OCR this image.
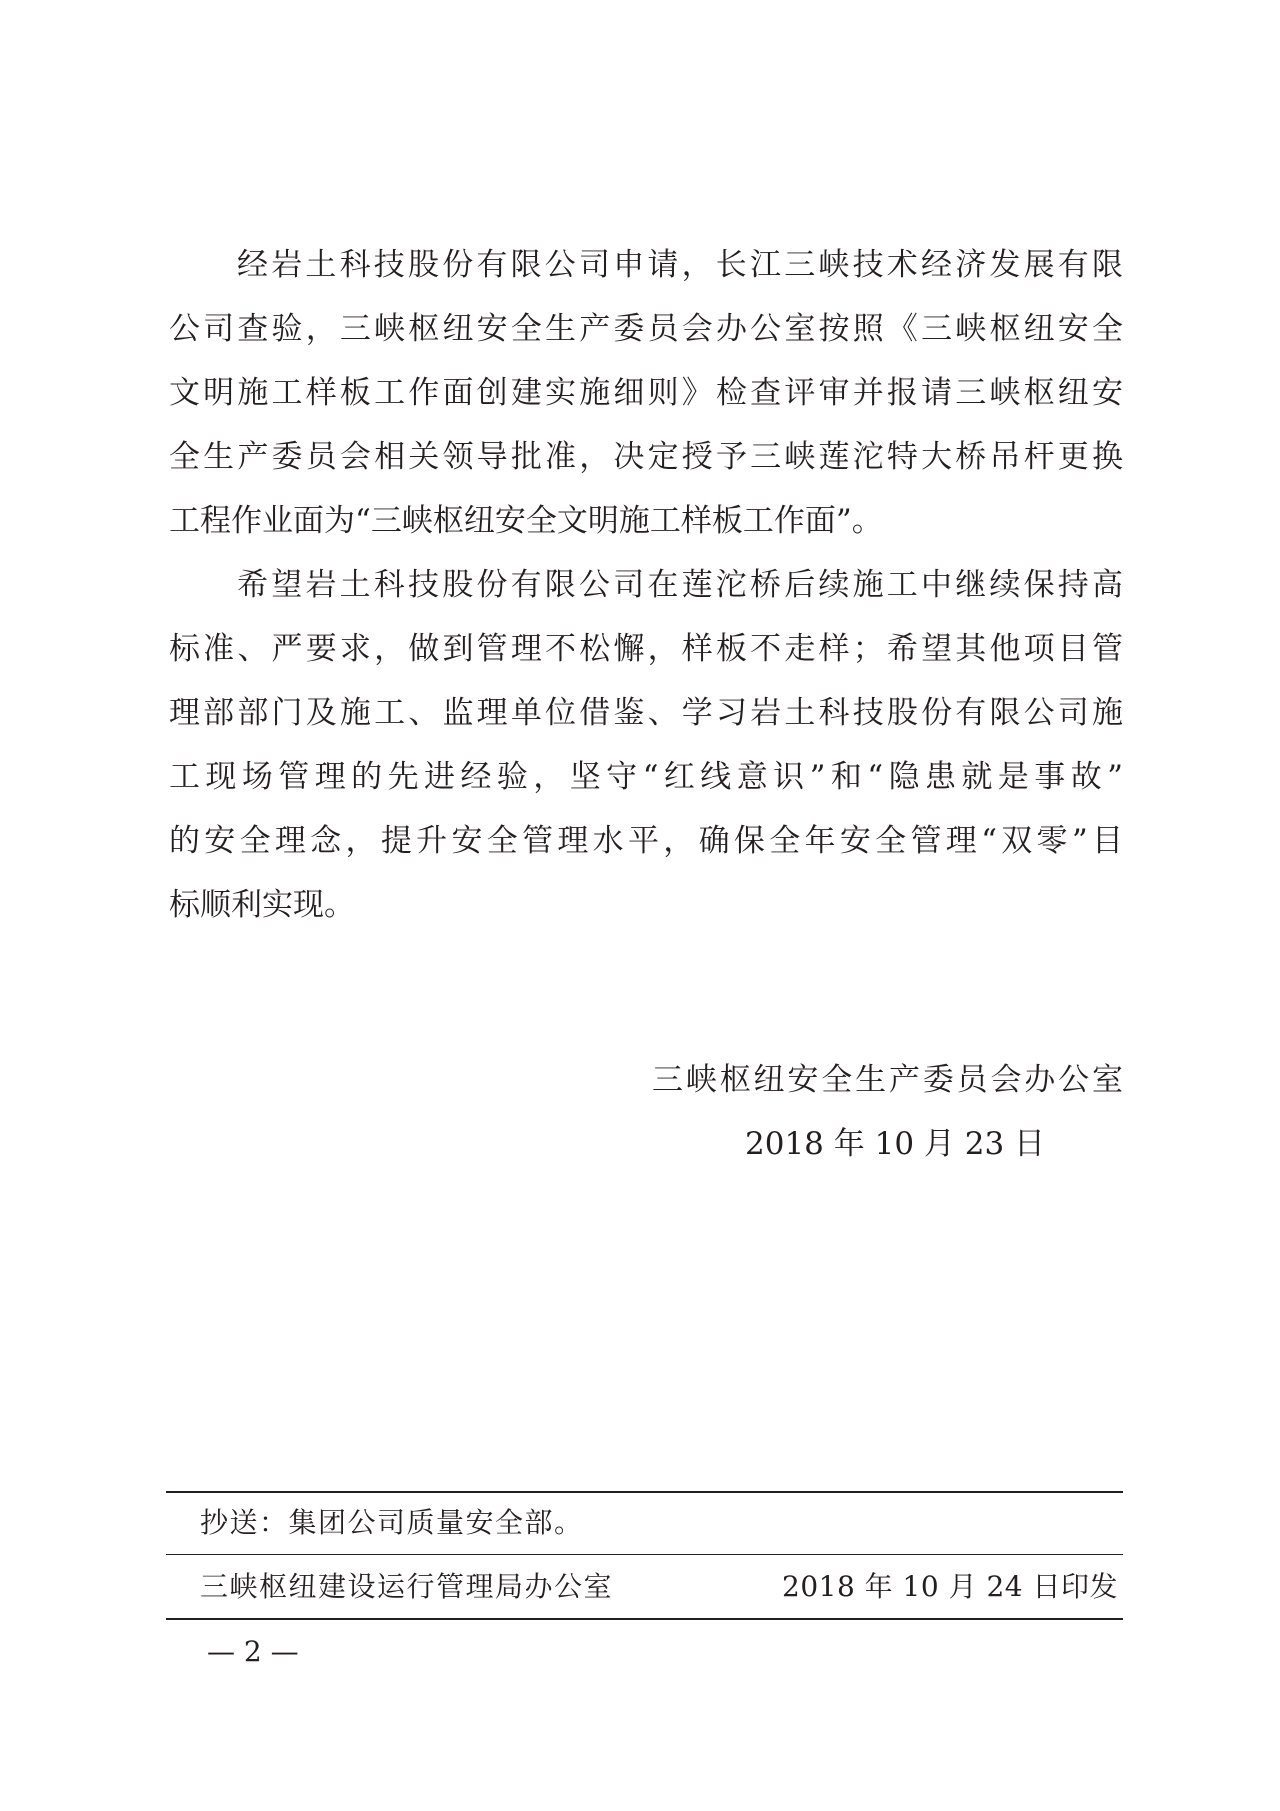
经岩土科技股份有限公司申请，长江三峡技术经济发展有限
公司查验，三峡枢纽安全生产委员会办公室按照《三峡枢纽安全
文明施工样板工作面创建实施细则》检查评审并报请三峡枢纽安
全生产委员会相关领导批准，决定授予三峡莲沱特大桥吊杆更换
工程作业面为“三峡枢纽安全文明施工样板工作面”。
希望岩土科技股份有限公司在莲沱桥后续施工中继续保持高
标准、严要求，做到管理不松懈，样板不走样；希望其他项目管
理部部门及施工、监理单位借鉴、学习岩土科技股份有限公司施
工现场管理的先进经验，坚守“红线意识”和“隐患就是事故”
的安全理念，提升安全管理水平，确保全年安全管理“双零”目
标顺利实现。
三峡枢纽安全生产委员会办公室
2018 年 10 月 23 日
抄送：集团公司质量安全部。
三峡枢纽建设运行管理局办公室	2018 年 10 月 24 日印发
— 2 —
